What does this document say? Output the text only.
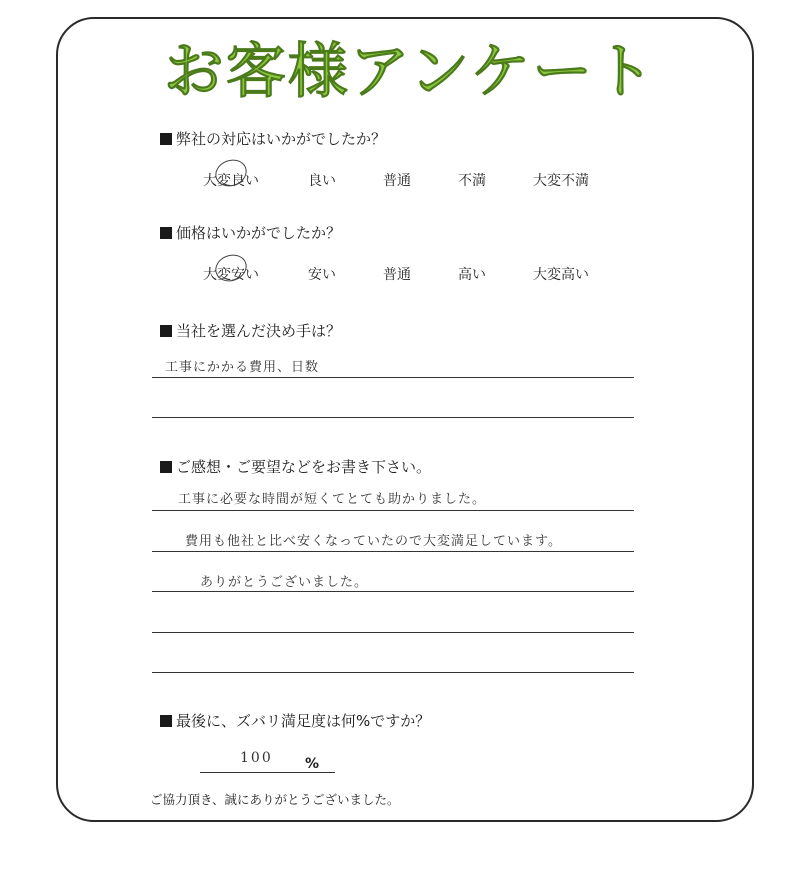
お客様アンケート
弊社の対応はいかがでしたか？
大変良い	良い	普通	不満	大変不満
価格はいかがでしたか？
大変安い	安い	普通	高い	大変高い
当社を選んだ決め手は？
工事にかかる費用、日数
ご感想・ご要望などをお書き下さい。
工事に必要な時間が短くてとても助かりました。
費用も他社と比べ安くなっていたので大変満足しています。
ありがとうございました。
最後に、ズバリ満足度は何%ですか？
100 %
ご協力頂き、誠にありがとうございました。
